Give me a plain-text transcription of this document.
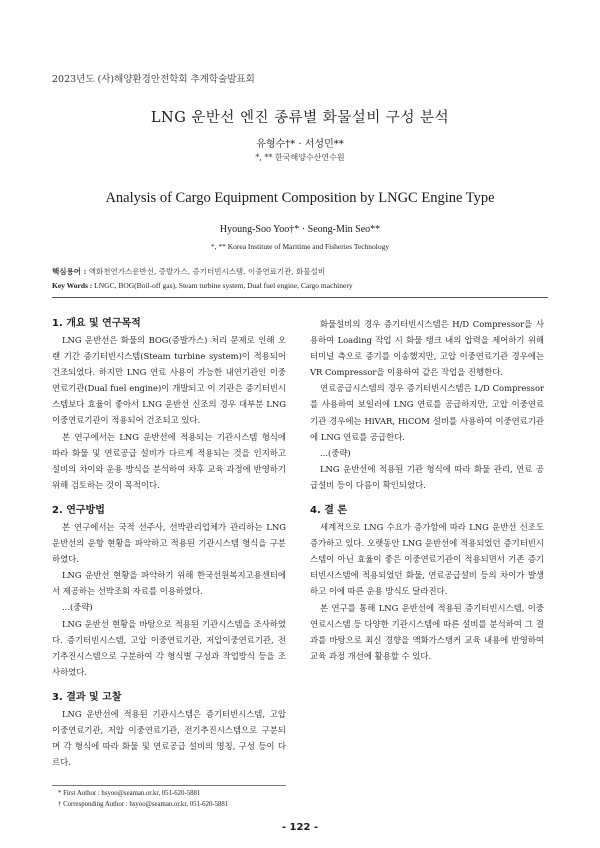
2023년도 (사)해양환경안전학회 추계학술발표회
LNG 운반선 엔진 종류별 화물설비 구성 분석
유형수†* · 서성민**
*, ** 한국해양수산연수원
Analysis of Cargo Equipment Composition by LNGC Engine Type
Hyoung-Soo Yoo†* · Seong-Min Seo**
*, ** Korea Institute of Maritime and Fisheries Technology
핵심용어 : 액화천연가스운반선, 증발가스, 증기터빈시스템, 이중연료기관, 화물설비
Key Words : LNGC, BOG(Boil-off gas), Steam turbine system, Dual fuel engine, Cargo machinery
1. 개요 및 연구목적

LNG 운반선은 화물의 BOG(증발가스) 처리 문제로 인해 오랜 기간 증기터빈시스템(Steam turbine system)이 적용되어 건조되었다. 하지만 LNG 연료 사용이 가능한 내연기관인 이중연료기관(Dual fuel engine)이 개발되고 이 기관은 증기터빈시스템보다 효율이 좋아서 LNG 운반선 신조의 경우 대부분 LNG 이중연료기관이 적용되어 건조되고 있다.

본 연구에서는 LNG 운반선에 적용되는 기관시스템 형식에 따라 화물 및 연료공급 설비가 다르게 적용되는 것을 인지하고 설비의 차이와 운용 방식을 분석하여 차후 교육 과정에 반영하기 위해 검토하는 것이 목적이다.

2. 연구방법

본 연구에서는 국적 선주사, 선박관리업체가 관리하는 LNG 운반선의 운항 현황을 파악하고 적용된 기관시스템 형식을 구분하였다.

LNG 운반선 현황을 파악하기 위해 한국선원복지고용센터에서 제공하는 선박조회 자료를 이용하였다.

...(중략)

LNG 운반선 현황을 바탕으로 적용된 기관시스템을 조사하였다. 증기터빈시스템, 고압 이중연료기관, 저압이중연료기관, 전기추진시스템으로 구분하여 각 형식별 구성과 작업방식 등을 조사하였다.

3. 결과 및 고찰

LNG 운반선에 적용된 기관시스템은 증기터빈시스템, 고압 이중연료기관, 저압 이중연료기관, 전기추진시스템으로 구분되며 각 형식에 따라 화물 및 연료공급 설비의 명칭, 구성 등이 다르다.

화물설비의 경우 증기터빈시스템은 H/D Compressor을 사용하여 Loading 작업 시 화물 탱크 내의 압력을 제어하기 위해 터미널 측으로 증기를 이송했지만, 고압 이중연료기관 경우에는 VR Compressor을 이용하여 같은 작업을 진행한다.

연료공급시스템의 경우 증기터빈시스템은 L/D Compressor를 사용하여 보일러에 LNG 연료를 공급하지만, 고압 이중연료기관 경우에는 HiVAR, HiCOM 설비를 사용하여 이중연료기관에 LNG 연료를 공급한다.

...(중략)

LNG 운반선에 적용된 기관 형식에 따라 화물 관리, 연료 공급설비 등이 다름이 확인되었다.

4. 결 론

세계적으로 LNG 수요가 증가함에 따라 LNG 운반선 신조도 증가하고 있다. 오랫동안 LNG 운반선에 적용되었던 증기터빈시스템이 아닌 효율이 좋은 이중연료기관이 적용되면서 기존 증기터빈시스템에 적용되었던 화물, 연료공급설비 등의 차이가 발생하고 이에 따른 운용 방식도 달라진다.

본 연구를 통해 LNG 운반선에 적용된 증기터빈시스템, 이중연료시스템 등 다양한 기관시스템에 따른 설비를 분석하여 그 결과를 바탕으로 최신 경향을 액화가스탱커 교육 내용에 반영하여 교육 과정 개선에 활용할 수 있다.

* First Author : hsyoo@seaman.or.kr, 051-620-5881
† Corresponding Author : hsyoo@seaman.or.kr, 051-620-5881
- 122 -
